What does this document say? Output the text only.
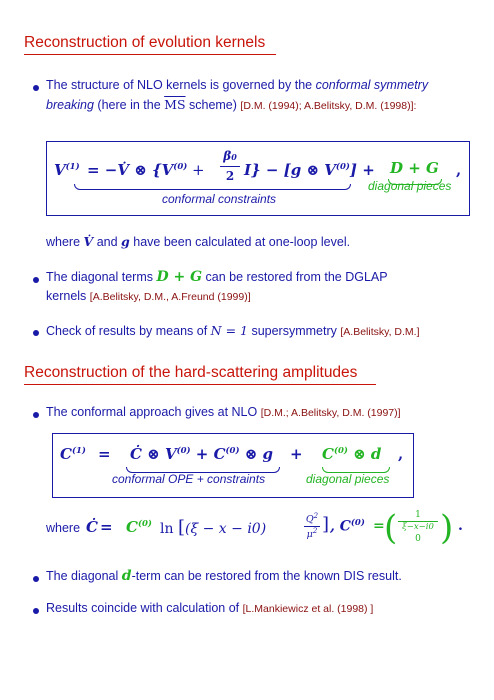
Reconstruction of evolution kernels
The structure of NLO kernels is governed by the conformal symmetry
breaking (here in the $\overline{MS}$ scheme) [D.M. (1994); A.Belitsky, D.M. (1998)]:
$V^{(1)}$ = −V̇ ⊗ {$V^{(0)}$ +
β0
2 I} − [g ⊗ $V^{(0)}] + D + G$ ,
conformal constraints
diagonal pieces
where V̇ and g have been calculated at one-loop level.
The diagonal terms D + G can be restored from the DGLAP
kernels [A.Belitsky, D.M., A.Freund (1999)]
Check of results by means of N = 1 supersymmetry [A.Belitsky, D.M.]
Reconstruction of the hard-scattering amplitudes
The conformal approach gives at NLO [D.M.; A.Belitsky, D.M. (1997)]
$C^{(1)}$ = Ċ ⊗ $V^{(0)} + C^{(0)}$ ⊗ $g + C^{(0)}$ ⊗ d ,
conformal OPE + constraints	diagonal pieces
where Ċ = $C^{(0)}$ ln [(ξ − x − i0)
$Q^2$
$\mu^2$ ] , $C^{(0)}$ = (	1
ξ−x−i0
0 ) .
The diagonal d-term can be restored from the known DIS result.
Results coincide with calculation of [L.Mankiewicz et al. (1998) ]
